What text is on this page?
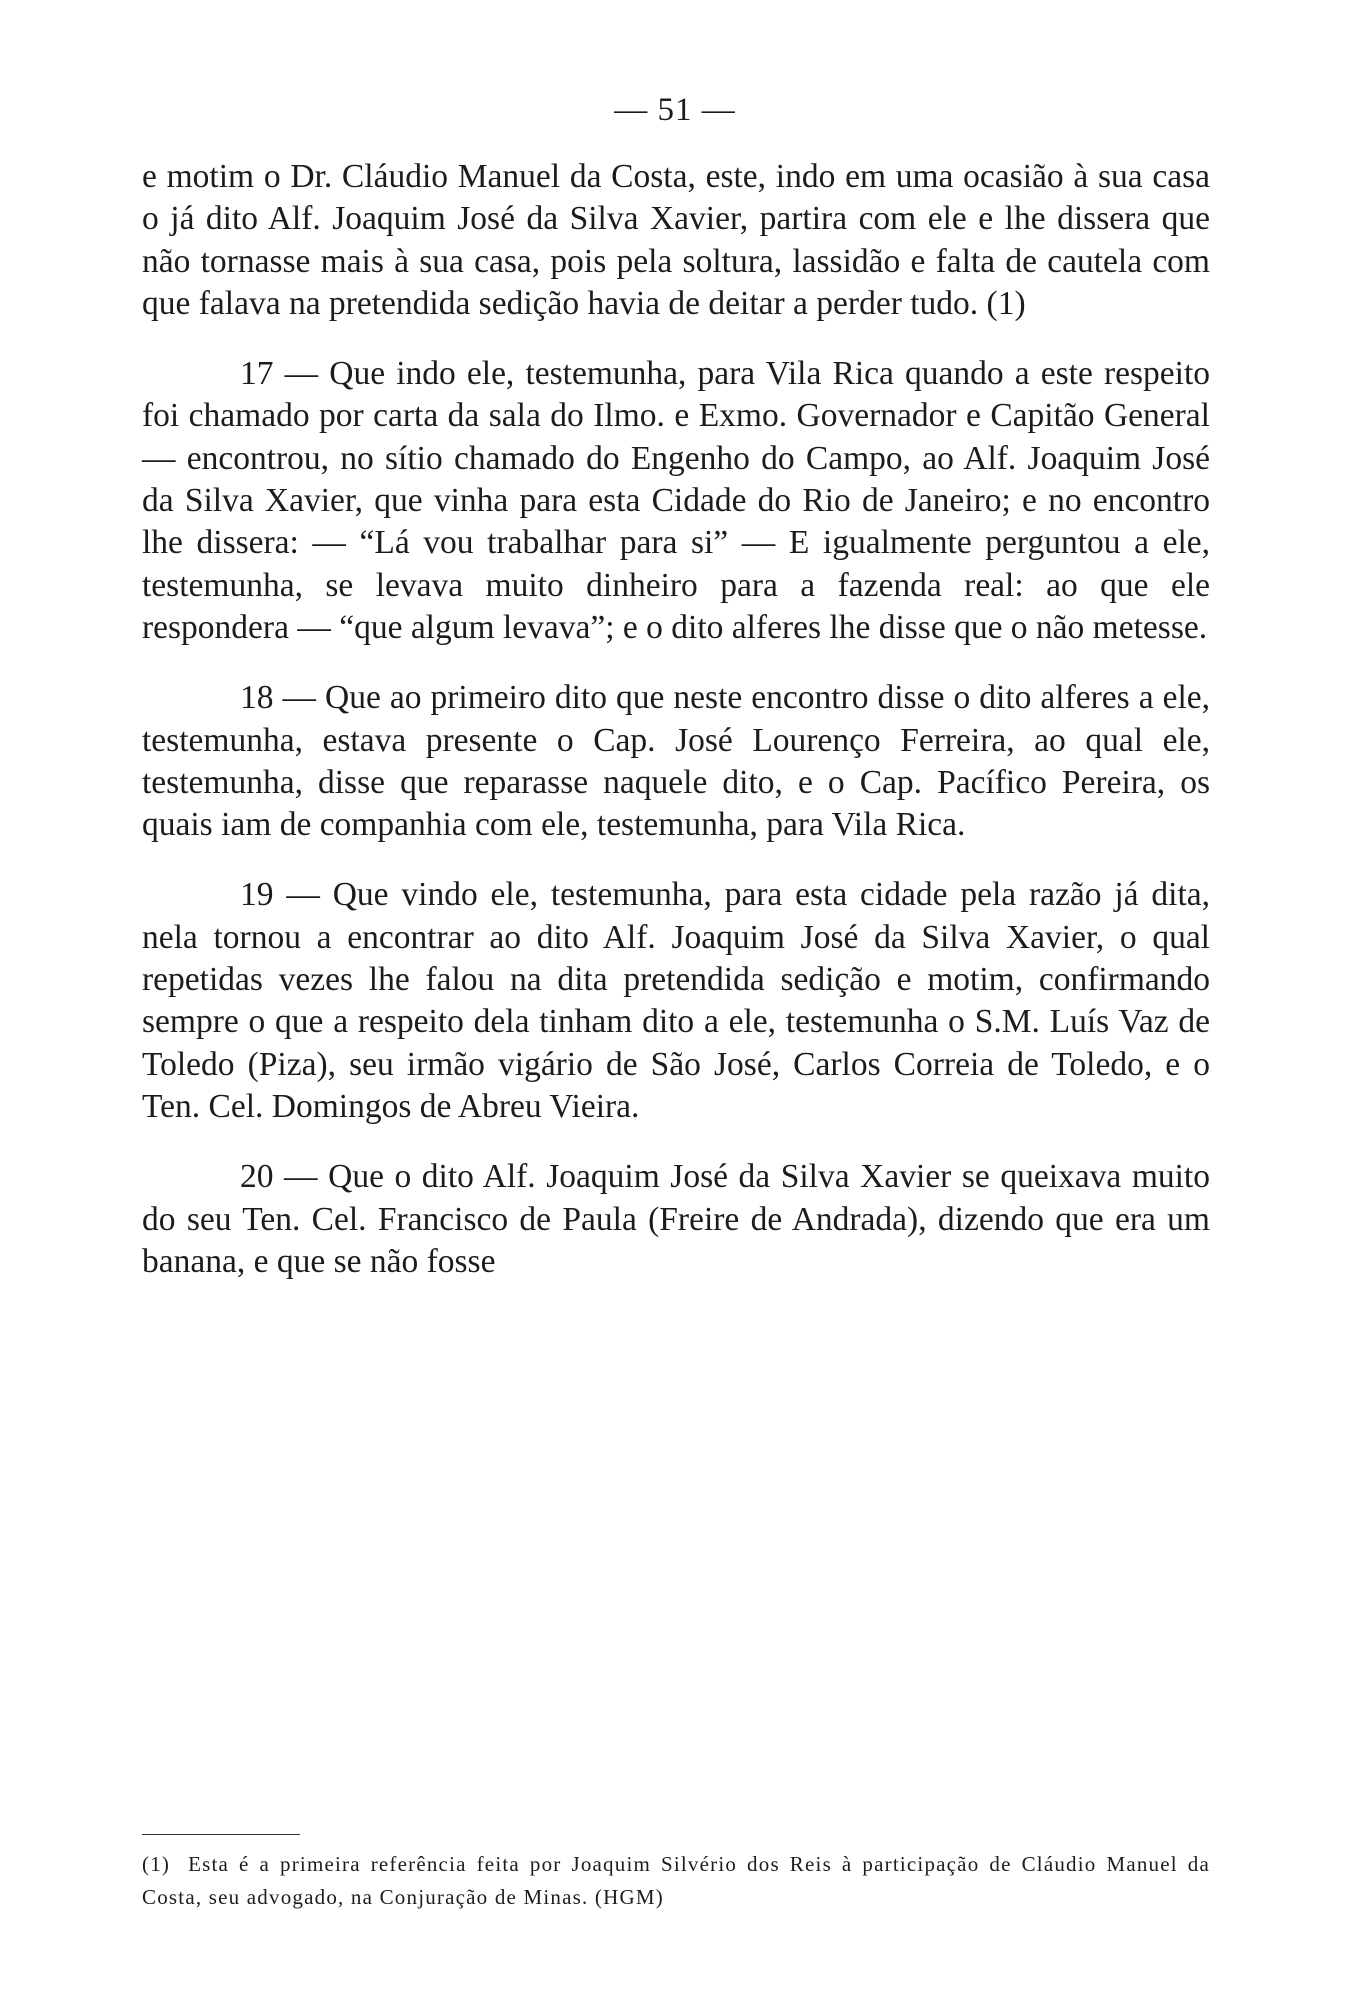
— 51 —

e motim o Dr. Cláudio Manuel da Costa, este, indo em uma ocasião à sua casa o já dito Alf. Joaquim José da Silva Xavier, partira com ele e lhe dissera que não tornasse mais à sua casa, pois pela soltura, lassidão e falta de cautela com que falava na pretendida sedição havia de deitar a perder tudo. (1)

17 — Que indo ele, testemunha, para Vila Rica quando a este respeito foi chamado por carta da sala do Ilmo. e Exmo. Governador e Capitão General — encontrou, no sítio chamado do Engenho do Campo, ao Alf. Joaquim José da Silva Xavier, que vinha para esta Cidade do Rio de Janeiro; e no encontro lhe dissera: — “Lá vou trabalhar para si” — E igualmente perguntou a ele, testemunha, se levava muito dinheiro para a fazenda real: ao que ele respondera — “que algum levava”; e o dito alferes lhe disse que o não metesse.

18 — Que ao primeiro dito que neste encontro disse o dito alferes a ele, testemunha, estava presente o Cap. José Lourenço Ferreira, ao qual ele, testemunha, disse que reparasse naquele dito, e o Cap. Pacífico Pereira, os quais iam de companhia com ele, testemunha, para Vila Rica.

19 — Que vindo ele, testemunha, para esta cidade pela razão já dita, nela tornou a encontrar ao dito Alf. Joaquim José da Silva Xavier, o qual repetidas vezes lhe falou na dita pretendida sedição e motim, confirmando sempre o que a respeito dela tinham dito a ele, testemunha o S.M. Luís Vaz de Toledo (Piza), seu irmão vigário de São José, Carlos Correia de Toledo, e o Ten. Cel. Domingos de Abreu Vieira.

20 — Que o dito Alf. Joaquim José da Silva Xavier se queixava muito do seu Ten. Cel. Francisco de Paula (Freire de Andrada), dizendo que era um banana, e que se não fosse

(1) Esta é a primeira referência feita por Joaquim Silvério dos Reis à participação de Cláudio Manuel da Costa, seu advogado, na Conjuração de Minas. (HGM)
